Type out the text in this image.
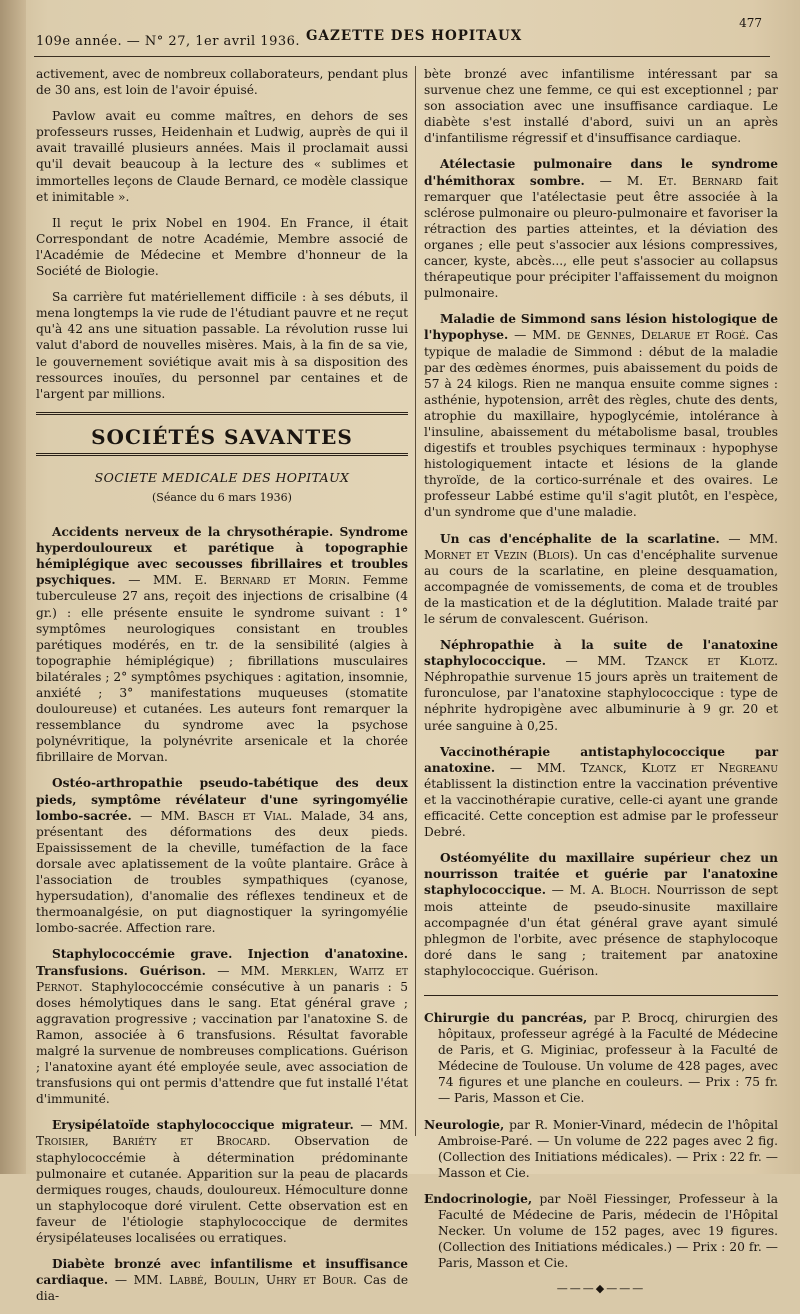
109e année. — N° 27, 1er avril 1936. GAZETTE DES HOPITAUX
477

activement, avec de nombreux collaborateurs, pendant plus de 30 ans, est loin de l'avoir épuisé.

Pavlow avait eu comme maîtres, en dehors de ses professeurs russes, Heidenhain et Ludwig, auprès de qui il avait travaillé plusieurs années. Mais il proclamait aussi qu'il devait beaucoup à la lecture des « sublimes et immortelles leçons de Claude Bernard, ce modèle classique et inimitable ».

Il reçut le prix Nobel en 1904. En France, il était Correspondant de notre Académie, Membre associé de l'Académie de Médecine et Membre d'honneur de la Société de Biologie.

Sa carrière fut matériellement difficile : à ses débuts, il mena longtemps la vie rude de l'étudiant pauvre et ne reçut qu'à 42 ans une situation passable. La révolution russe lui valut d'abord de nouvelles misères. Mais, à la fin de sa vie, le gouvernement soviétique avait mis à sa disposition des ressources inouïes, du personnel par centaines et de l'argent par millions.

SOCIÉTÉS SAVANTES
SOCIETE MEDICALE DES HOPITAUX
(Séance du 6 mars 1936)

Accidents nerveux de la chrysothérapie. Syndrome hyperdouloureux et parétique à topographie hémiplégique avec secousses fibrillaires et troubles psychiques. — MM. E. Bernard et Morin. Femme tuberculeuse 27 ans, reçoit des injections de crisalbine (4 gr.) : elle présente ensuite le syndrome suivant : 1° symptômes neurologiques consistant en troubles parétiques modérés, en tr. de la sensibilité (algies à topographie hémiplégique) ; fibrillations musculaires bilatérales ; 2° symptômes psychiques : agitation, insomnie, anxiété ; 3° manifestations muqueuses (stomatite douloureuse) et cutanées. Les auteurs font remarquer la ressemblance du syndrome avec la psychose polynévritique, la polynévrite arsenicale et la chorée fibrillaire de Morvan.

Ostéo-arthropathie pseudo-tabétique des deux pieds, symptôme révélateur d'une syringomyélie lombo-sacrée. — MM. Basch et Vial. Malade, 34 ans, présentant des déformations des deux pieds. Epaississement de la cheville, tuméfaction de la face dorsale avec aplatissement de la voûte plantaire. Grâce à l'association de troubles sympathiques (cyanose, hypersudation), d'anomalie des réflexes tendineux et de thermoanalgésie, on put diagnostiquer la syringomyélie lombo-sacrée. Affection rare.

Staphylococcémie grave. Injection d'anatoxine. Transfusions. Guérison. — MM. Merklen, Waitz et Pernot. Staphylococcémie consécutive à un panaris : 5 doses hémolytiques dans le sang. Etat général grave ; aggravation progressive ; vaccination par l'anatoxine S. de Ramon, associée à 6 transfusions. Résultat favorable malgré la survenue de nombreuses complications. Guérison ; l'anatoxine ayant été employée seule, avec association de transfusions qui ont permis d'attendre que fut installé l'état d'immunité.

Erysipélatoïde staphylococcique migrateur. — MM. Troisier, Bariéty et Brocard. Observation de staphylococcémie à détermination prédominante pulmonaire et cutanée. Apparition sur la peau de placards dermiques rouges, chauds, douloureux. Hémoculture donne un staphylocoque doré virulent. Cette observation est en faveur de l'étiologie staphylococcique de dermites érysipélateuses localisées ou erratiques.

Diabète bronzé avec infantilisme et insuffisance cardiaque. — MM. Labbé, Boulin, Uhry et Bour. Cas de dia-

bète bronzé avec infantilisme intéressant par sa survenue chez une femme, ce qui est exceptionnel ; par son association avec une insuffisance cardiaque. Le diabète s'est installé d'abord, suivi un an après d'infantilisme régressif et d'insuffisance cardiaque.

Atélectasie pulmonaire dans le syndrome d'hémithorax sombre. — M. Et. Bernard fait remarquer que l'atélectasie peut être associée à la sclérose pulmonaire ou pleuro-pulmonaire et favoriser la rétraction des parties atteintes, et la déviation des organes ; elle peut s'associer aux lésions compressives, cancer, kyste, abcès..., elle peut s'associer au collapsus thérapeutique pour précipiter l'affaissement du moignon pulmonaire.

Maladie de Simmond sans lésion histologique de l'hypophyse. — MM. de Gennes, Delarue et Rogé. Cas typique de maladie de Simmond : début de la maladie par des œdèmes énormes, puis abaissement du poids de 57 à 24 kilogs. Rien ne manqua ensuite comme signes : asthénie, hypotension, arrêt des règles, chute des dents, atrophie du maxillaire, hypoglycémie, intolérance à l'insuline, abaissement du métabolisme basal, troubles digestifs et troubles psychiques terminaux : hypophyse histologiquement intacte et lésions de la glande thyroïde, de la cortico-surrénale et des ovaires. Le professeur Labbé estime qu'il s'agit plutôt, en l'espèce, d'un syndrome que d'une maladie.

Un cas d'encéphalite de la scarlatine. — MM. Mornet et Vezin (Blois). Un cas d'encéphalite survenue au cours de la scarlatine, en pleine desquamation, accompagnée de vomissements, de coma et de troubles de la mastication et de la déglutition. Malade traité par le sérum de convalescent. Guérison.

Néphropathie à la suite de l'anatoxine staphylococcique. — MM. Tzanck et Klotz. Néphropathie survenue 15 jours après un traitement de furonculose, par l'anatoxine staphylococcique : type de néphrite hydropigène avec albuminurie à 9 gr. 20 et urée sanguine à 0,25.

Vaccinothérapie antistaphylococcique par anatoxine. — MM. Tzanck, Klotz et Negreanu établissent la distinction entre la vaccination préventive et la vaccinothérapie curative, celle-ci ayant une grande efficacité. Cette conception est admise par le professeur Debré.

Ostéomyélite du maxillaire supérieur chez un nourrisson traitée et guérie par l'anatoxine staphylococcique. — M. A. Bloch. Nourrisson de sept mois atteinte de pseudo-sinusite maxillaire accompagnée d'un état général grave ayant simulé phlegmon de l'orbite, avec présence de staphylocoque doré dans le sang ; traitement par anatoxine staphylococcique. Guérison.

Chirurgie du pancréas, par P. Brocq, chirurgien des hôpitaux, professeur agrégé à la Faculté de Médecine de Paris, et G. Miginiac, professeur à la Faculté de Médecine de Toulouse. Un volume de 428 pages, avec 74 figures et une planche en couleurs. — Prix : 75 fr. — Paris, Masson et Cie.

Neurologie, par R. Monier-Vinard, médecin de l'hôpital Ambroise-Paré. — Un volume de 222 pages avec 2 fig. (Collection des Initiations médicales). — Prix : 22 fr. — Masson et Cie.

Endocrinologie, par Noël Fiessinger, Professeur à la Faculté de Médecine de Paris, médecin de l'Hôpital Necker. Un volume de 152 pages, avec 19 figures. (Collection des Initiations médicales.) — Prix : 20 fr. — Paris, Masson et Cie.

———◆———
